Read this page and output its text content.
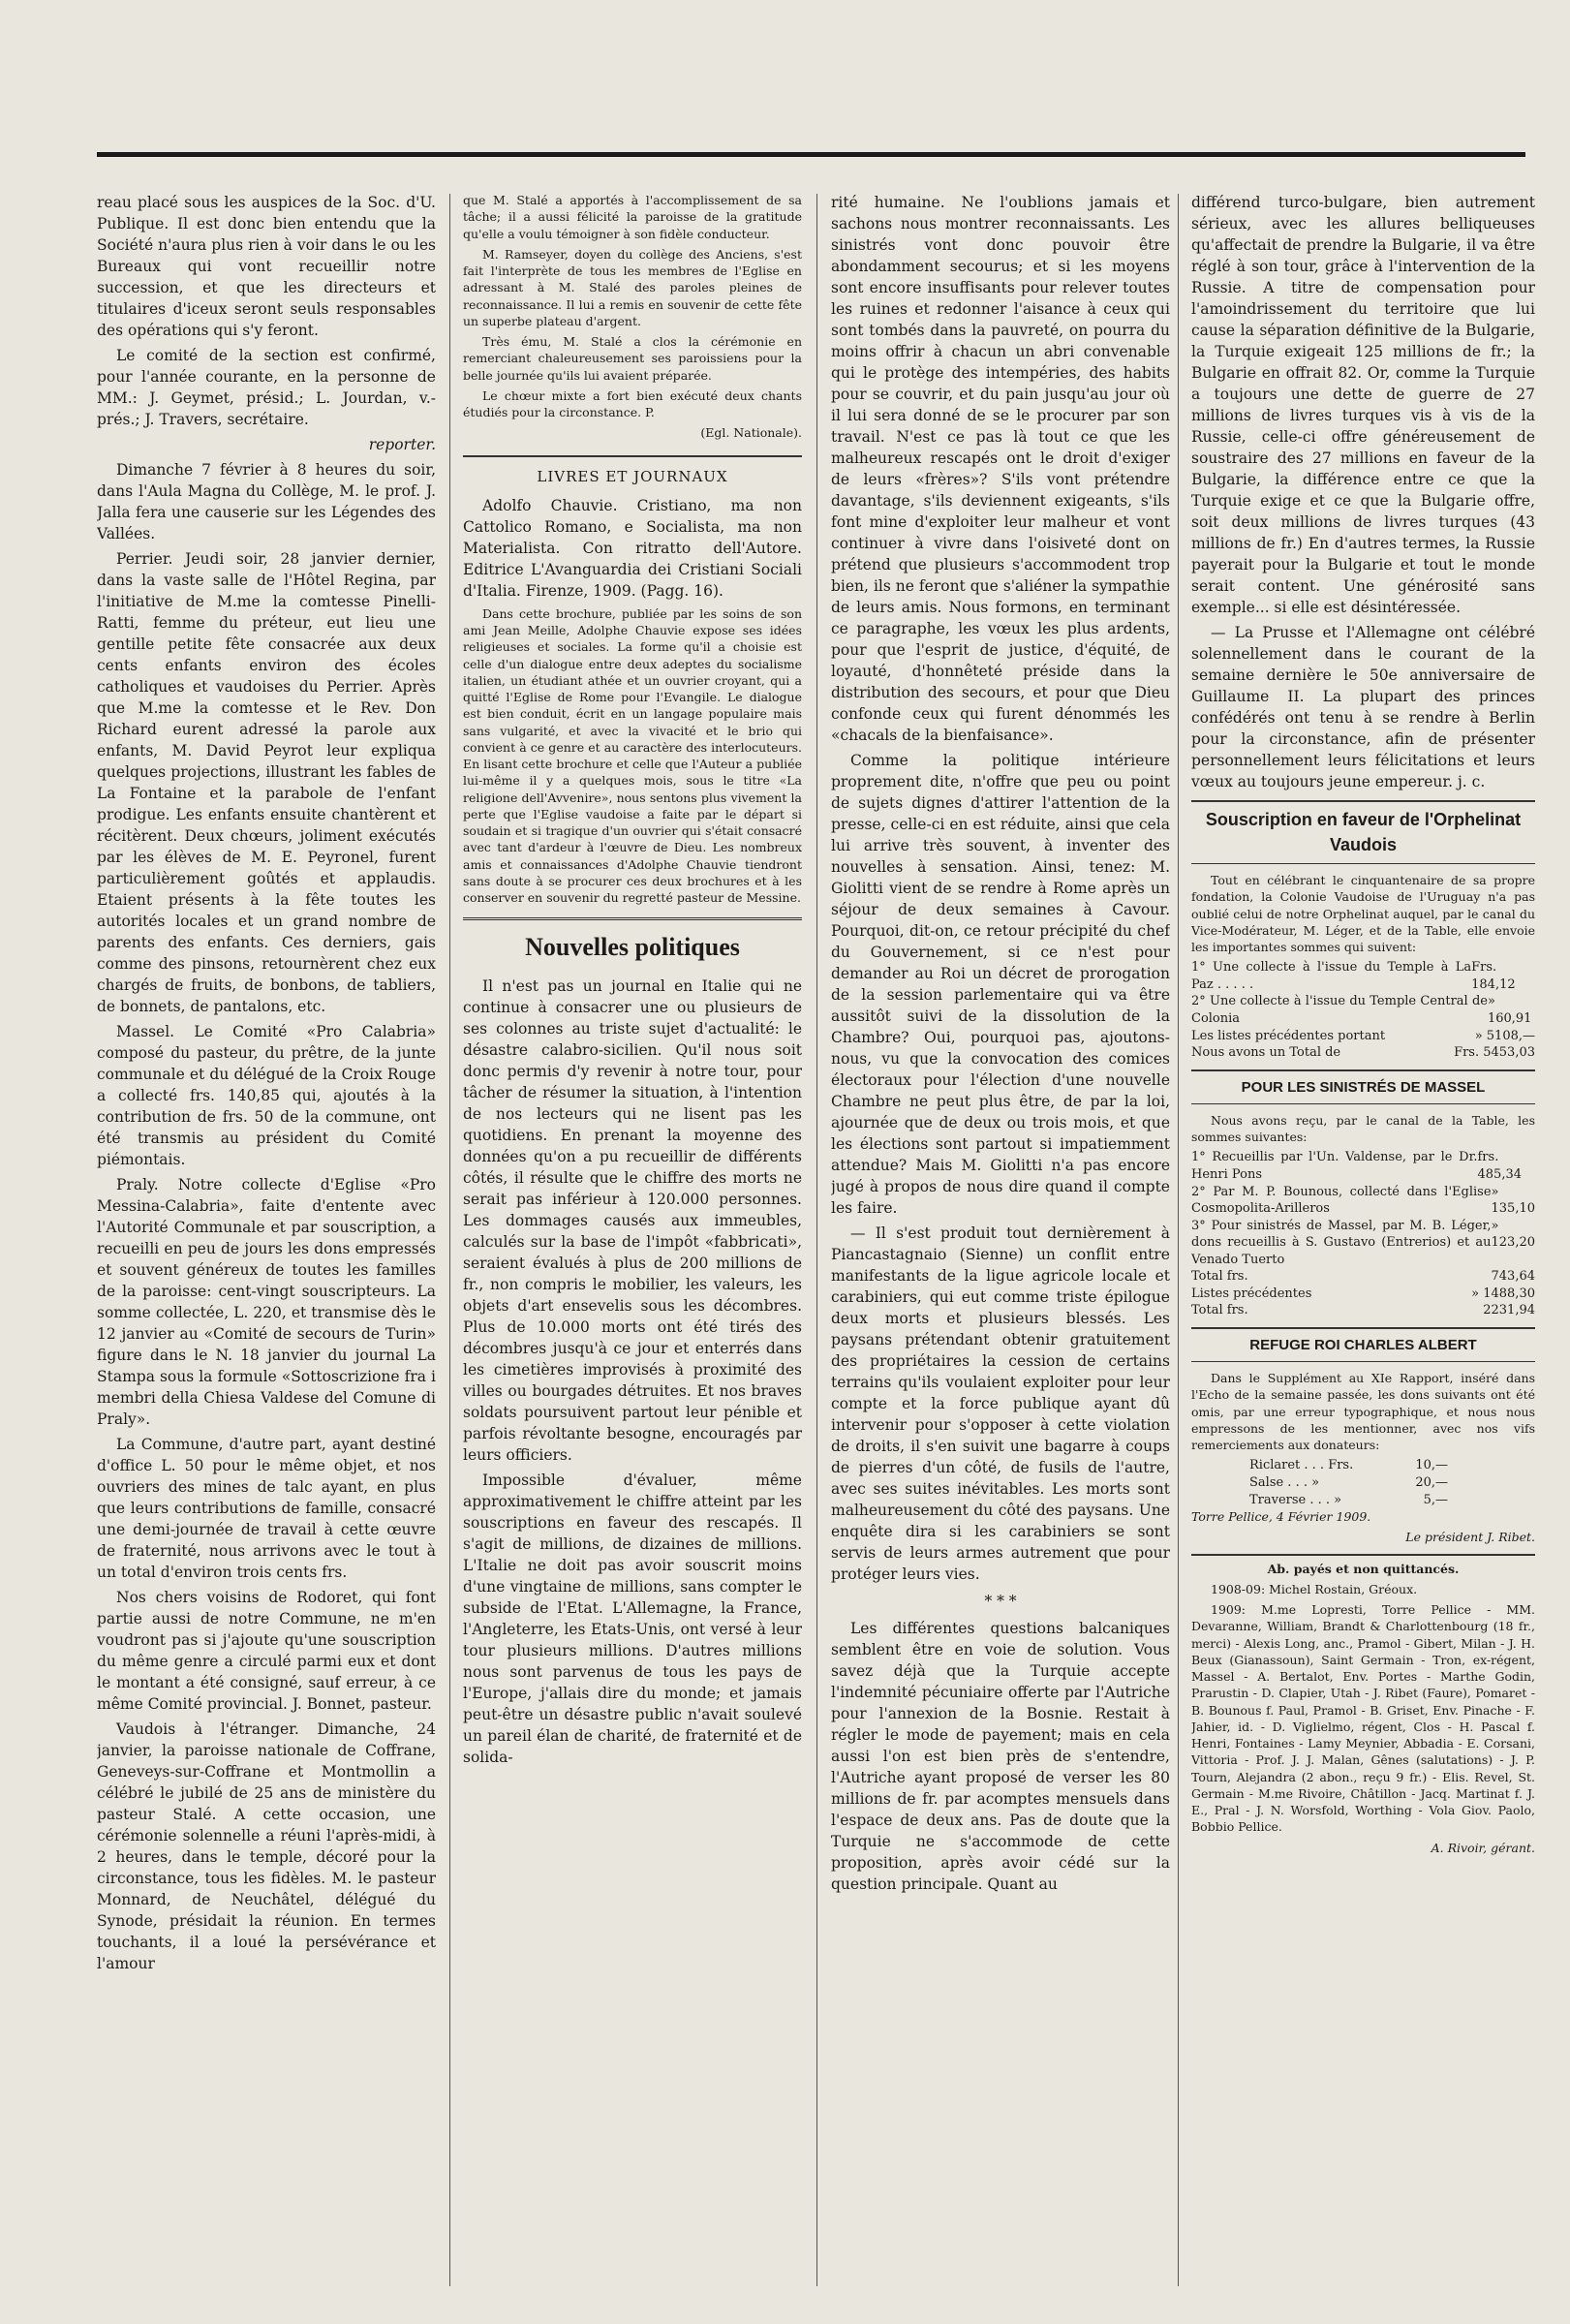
reau placé sous les auspices de la Soc. d'U. Publique. Il est donc bien entendu que la Société n'aura plus rien à voir dans le ou les Bureaux qui vont recueillir notre succession, et que les directeurs et titulaires d'iceux seront seuls responsables des opérations qui s'y feront.

Le comité de la section est confirmé, pour l'année courante, en la personne de MM.: J. Geymet, présid.; L. Jourdan, v.-prés.; J. Travers, secrétaire.

reporter.

Dimanche 7 février à 8 heures du soir, dans l'Aula Magna du Collège, M. le prof. J. Jalla fera une causerie sur les Légendes des Vallées.

Perrier. Jeudi soir, 28 janvier dernier, dans la vaste salle de l'Hôtel Regina, par l'initiative de M.me la comtesse Pinelli-Ratti, femme du préteur, eut lieu une gentille petite fête consacrée aux deux cents enfants environ des écoles catholiques et vaudoises du Perrier. Après que M.me la comtesse et le Rev. Don Richard eurent adressé la parole aux enfants, M. David Peyrot leur expliqua quelques projections, illustrant les fables de La Fontaine et la parabole de l'enfant prodigue. Les enfants ensuite chantèrent et récitèrent. Deux chœurs, joliment exécutés par les élèves de M. E. Peyronel, furent particulièrement goûtés et applaudis. Etaient présents à la fête toutes les autorités locales et un grand nombre de parents des enfants. Ces derniers, gais comme des pinsons, retournèrent chez eux chargés de fruits, de bonbons, de tabliers, de bonnets, de pantalons, etc.

Massel. Le Comité «Pro Calabria» composé du pasteur, du prêtre, de la junte communale et du délégué de la Croix Rouge a collecté frs. 140,85 qui, ajoutés à la contribution de frs. 50 de la commune, ont été transmis au président du Comité piémontais.

Praly. Notre collecte d'Eglise «Pro Messina-Calabria», faite d'entente avec l'Autorité Communale et par souscription, a recueilli en peu de jours les dons empressés et souvent généreux de toutes les familles de la paroisse: cent-vingt souscripteurs. La somme collectée, L. 220, et transmise dès le 12 janvier au «Comité de secours de Turin» figure dans le N. 18 janvier du journal La Stampa sous la formule «Sottoscrizione fra i membri della Chiesa Valdese del Comune di Praly».

La Commune, d'autre part, ayant destiné d'office L. 50 pour le même objet, et nos ouvriers des mines de talc ayant, en plus que leurs contributions de famille, consacré une demi-journée de travail à cette œuvre de fraternité, nous arrivons avec le tout à un total d'environ trois cents frs.

Nos chers voisins de Rodoret, qui font partie aussi de notre Commune, ne m'en voudront pas si j'ajoute qu'une souscription du même genre a circulé parmi eux et dont le montant a été consigné, sauf erreur, à ce même Comité provincial. J. Bonnet, pasteur.

Vaudois à l'étranger. Dimanche, 24 janvier, la paroisse nationale de Coffrane, Geneveys-sur-Coffrane et Montmollin a célébré le jubilé de 25 ans de ministère du pasteur Stalé. A cette occasion, une cérémonie solennelle a réuni l'après-midi, à 2 heures, dans le temple, décoré pour la circonstance, tous les fidèles. M. le pasteur Monnard, de Neuchâtel, délégué du Synode, présidait la réunion. En termes touchants, il a loué la persévérance et l'amour

que M. Stalé a apportés à l'accomplissement de sa tâche; il a aussi félicité la paroisse de la gratitude qu'elle a voulu témoigner à son fidèle conducteur.

M. Ramseyer, doyen du collège des Anciens, s'est fait l'interprète de tous les membres de l'Eglise en adressant à M. Stalé des paroles pleines de reconnaissance. Il lui a remis en souvenir de cette fête un superbe plateau d'argent.

Très ému, M. Stalé a clos la cérémonie en remerciant chaleureusement ses paroissiens pour la belle journée qu'ils lui avaient préparée.

Le chœur mixte a fort bien exécuté deux chants étudiés pour la circonstance. P.

(Egl. Nationale).

LIVRES ET JOURNAUX

Adolfo Chauvie. Cristiano, ma non Cattolico Romano, e Socialista, ma non Materialista. Con ritratto dell'Autore. Editrice L'Avanguardia dei Cristiani Sociali d'Italia. Firenze, 1909. (Pagg. 16).

Dans cette brochure, publiée par les soins de son ami Jean Meille, Adolphe Chauvie expose ses idées religieuses et sociales. La forme qu'il a choisie est celle d'un dialogue entre deux adeptes du socialisme italien, un étudiant athée et un ouvrier croyant, qui a quitté l'Eglise de Rome pour l'Evangile. Le dialogue est bien conduit, écrit en un langage populaire mais sans vulgarité, et avec la vivacité et le brio qui convient à ce genre et au caractère des interlocuteurs. En lisant cette brochure et celle que l'Auteur a publiée lui-même il y a quelques mois, sous le titre «La religione dell'Avvenire», nous sentons plus vivement la perte que l'Eglise vaudoise a faite par le départ si soudain et si tragique d'un ouvrier qui s'était consacré avec tant d'ardeur à l'œuvre de Dieu. Les nombreux amis et connaissances d'Adolphe Chauvie tiendront sans doute à se procurer ces deux brochures et à les conserver en souvenir du regretté pasteur de Messine.

Nouvelles politiques

Il n'est pas un journal en Italie qui ne continue à consacrer une ou plusieurs de ses colonnes au triste sujet d'actualité: le désastre calabro-sicilien. Qu'il nous soit donc permis d'y revenir à notre tour, pour tâcher de résumer la situation, à l'intention de nos lecteurs qui ne lisent pas les quotidiens. En prenant la moyenne des données qu'on a pu recueillir de différents côtés, il résulte que le chiffre des morts ne serait pas inférieur à 120.000 personnes. Les dommages causés aux immeubles, calculés sur la base de l'impôt «fabbricati», seraient évalués à plus de 200 millions de fr., non compris le mobilier, les valeurs, les objets d'art ensevelis sous les décombres. Plus de 10.000 morts ont été tirés des décombres jusqu'à ce jour et enterrés dans les cimetières improvisés à proximité des villes ou bourgades détruites. Et nos braves soldats poursuivent partout leur pénible et parfois révoltante besogne, encouragés par leurs officiers.

Impossible d'évaluer, même approximativement le chiffre atteint par les souscriptions en faveur des rescapés. Il s'agit de millions, de dizaines de millions. L'Italie ne doit pas avoir souscrit moins d'une vingtaine de millions, sans compter le subside de l'Etat. L'Allemagne, la France, l'Angleterre, les Etats-Unis, ont versé à leur tour plusieurs millions. D'autres millions nous sont parvenus de tous les pays de l'Europe, j'allais dire du monde; et jamais peut-être un désastre public n'avait soulevé un pareil élan de charité, de fraternité et de solida-

rité humaine. Ne l'oublions jamais et sachons nous montrer reconnaissants. Les sinistrés vont donc pouvoir être abondamment secourus; et si les moyens sont encore insuffisants pour relever toutes les ruines et redonner l'aisance à ceux qui sont tombés dans la pauvreté, on pourra du moins offrir à chacun un abri convenable qui le protège des intempéries, des habits pour se couvrir, et du pain jusqu'au jour où il lui sera donné de se le procurer par son travail. N'est ce pas là tout ce que les malheureux rescapés ont le droit d'exiger de leurs «frères»? S'ils vont prétendre davantage, s'ils deviennent exigeants, s'ils font mine d'exploiter leur malheur et vont continuer à vivre dans l'oisiveté dont on prétend que plusieurs s'accommodent trop bien, ils ne feront que s'aliéner la sympathie de leurs amis. Nous formons, en terminant ce paragraphe, les vœux les plus ardents, pour que l'esprit de justice, d'équité, de loyauté, d'honnêteté préside dans la distribution des secours, et pour que Dieu confonde ceux qui furent dénommés les «chacals de la bienfaisance».

Comme la politique intérieure proprement dite, n'offre que peu ou point de sujets dignes d'attirer l'attention de la presse, celle-ci en est réduite, ainsi que cela lui arrive très souvent, à inventer des nouvelles à sensation. Ainsi, tenez: M. Giolitti vient de se rendre à Rome après un séjour de deux semaines à Cavour. Pourquoi, dit-on, ce retour précipité du chef du Gouvernement, si ce n'est pour demander au Roi un décret de prorogation de la session parlementaire qui va être aussitôt suivi de la dissolution de la Chambre? Oui, pourquoi pas, ajoutons-nous, vu que la convocation des comices électoraux pour l'élection d'une nouvelle Chambre ne peut plus être, de par la loi, ajournée que de deux ou trois mois, et que les élections sont partout si impatiemment attendue? Mais M. Giolitti n'a pas encore jugé à propos de nous dire quand il compte les faire.

— Il s'est produit tout dernièrement à Piancastagnaio (Sienne) un conflit entre manifestants de la ligue agricole locale et carabiniers, qui eut comme triste épilogue deux morts et plusieurs blessés. Les paysans prétendant obtenir gratuitement des propriétaires la cession de certains terrains qu'ils voulaient exploiter pour leur compte et la force publique ayant dû intervenir pour s'opposer à cette violation de droits, il s'en suivit une bagarre à coups de pierres d'un côté, de fusils de l'autre, avec ses suites inévitables. Les morts sont malheureusement du côté des paysans. Une enquête dira si les carabiniers se sont servis de leurs armes autrement que pour protéger leurs vies.

* * *

Les différentes questions balcaniques semblent être en voie de solution. Vous savez déjà que la Turquie accepte l'indemnité pécuniaire offerte par l'Autriche pour l'annexion de la Bosnie. Restait à régler le mode de payement; mais en cela aussi l'on est bien près de s'entendre, l'Autriche ayant proposé de verser les 80 millions de fr. par acomptes mensuels dans l'espace de deux ans. Pas de doute que la Turquie ne s'accommode de cette proposition, après avoir cédé sur la question principale. Quant au

différend turco-bulgare, bien autrement sérieux, avec les allures belliqueuses qu'affectait de prendre la Bulgarie, il va être réglé à son tour, grâce à l'intervention de la Russie. A titre de compensation pour l'amoindrissement du territoire que lui cause la séparation définitive de la Bulgarie, la Turquie exigeait 125 millions de fr.; la Bulgarie en offrait 82. Or, comme la Turquie a toujours une dette de guerre de 27 millions de livres turques vis à vis de la Russie, celle-ci offre généreusement de soustraire des 27 millions en faveur de la Bulgarie, la différence entre ce que la Turquie exige et ce que la Bulgarie offre, soit deux millions de livres turques (43 millions de fr.) En d'autres termes, la Russie payerait pour la Bulgarie et tout le monde serait content. Une générosité sans exemple... si elle est désintéressée.

— La Prusse et l'Allemagne ont célébré solennellement dans le courant de la semaine dernière le 50e anniversaire de Guillaume II. La plupart des princes confédérés ont tenu à se rendre à Berlin pour la circonstance, afin de présenter personnellement leurs félicitations et leurs vœux au toujours jeune empereur. j. c.

Souscription en faveur de l'Orphelinat Vaudois

Tout en célébrant le cinquantenaire de sa propre fondation, la Colonie Vaudoise de l'Uruguay n'a pas oublié celui de notre Orphelinat auquel, par le canal du Vice-Modérateur, M. Léger, et de la Table, elle envoie les importantes sommes qui suivent:

1° Une collecte à l'issue du Temple à La Paz . . . . .
Frs. 184,12
2° Une collecte à l'issue du Temple Central de Colonia
» 160,91
Les listes précédentes portant	» 5108,—
Nous avons un Total de	Frs. 5453,03

POUR LES SINISTRÉS DE MASSEL

Nous avons reçu, par le canal de la Table, les sommes suivantes:

1° Recueillis par l'Un. Valdense, par le Dr. Henri Pons
frs. 485,34
2° Par M. P. Bounous, collecté dans l'Eglise Cosmopolita-Arilleros
» 135,10
3° Pour sinistrés de Massel, par M. B. Léger, dons recueillis à S. Gustavo (Entrerios) et au Venado Tuerto
» 123,20
Total frs.	743,64
Listes précédentes	» 1488,30
Total frs.	2231,94

REFUGE ROI CHARLES ALBERT

Dans le Supplément au XIe Rapport, inséré dans l'Echo de la semaine passée, les dons suivants ont été omis, par une erreur typographique, et nous nous empressons de les mentionner, avec nos vifs remerciements aux donateurs:

Riclaret . . . Frs.	10,—
Salse . . . »	20,—
Traverse . . . »	5,—

Torre Pellice, 4 Février 1909.

Le président J. Ribet.

Ab. payés et non quittancés.

1908-09: Michel Rostain, Gréoux.

1909: M.me Lopresti, Torre Pellice - MM. Devaranne, William, Brandt & Charlottenbourg (18 fr., merci) - Alexis Long, anc., Pramol - Gibert, Milan - J. H. Beux (Gianassoun), Saint Germain - Tron, ex-régent, Massel - A. Bertalot, Env. Portes - Marthe Godin, Prarustin - D. Clapier, Utah - J. Ribet (Faure), Pomaret - B. Bounous f. Paul, Pramol - B. Griset, Env. Pinache - F. Jahier, id. - D. Viglielmo, régent, Clos - H. Pascal f. Henri, Fontaines - Lamy Meynier, Abbadia - E. Corsani, Vittoria - Prof. J. J. Malan, Gênes (salutations) - J. P. Tourn, Alejandra (2 abon., reçu 9 fr.) - Elis. Revel, St. Germain - M.me Rivoire, Châtillon - Jacq. Martinat f. J. E., Pral - J. N. Worsfold, Worthing - Vola Giov. Paolo, Bobbio Pellice.

A. Rivoir, gérant.
